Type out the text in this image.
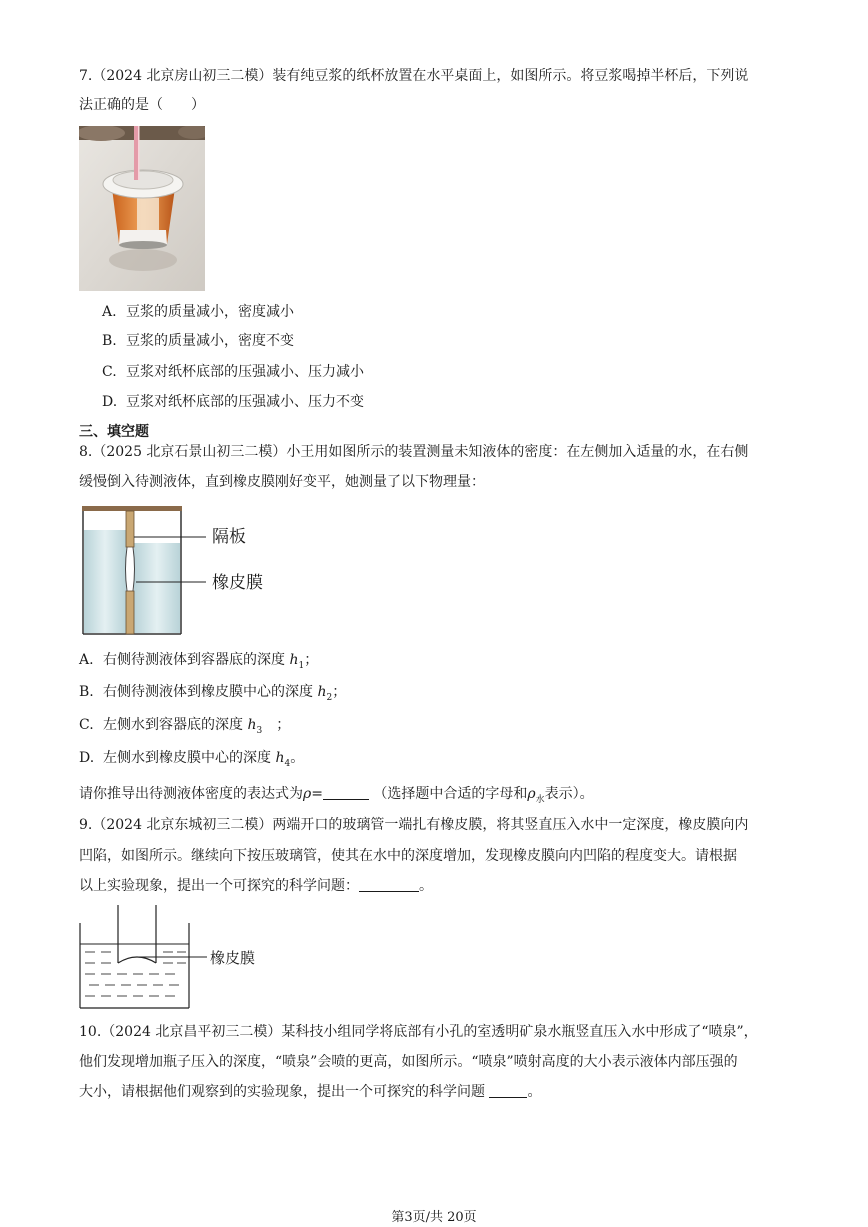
7.（2024 北京房山初三二模）装有纯豆浆的纸杯放置在水平桌面上，如图所示。将豆浆喝掉半杯后，下列说
法正确的是（　　）
A. 豆浆的质量减小，密度减小
B. 豆浆的质量减小，密度不变
C. 豆浆对纸杯底部的压强减小、压力减小
D. 豆浆对纸杯底部的压强减小、压力不变
三、填空题
8.（2025 北京石景山初三二模）小王用如图所示的装置测量未知液体的密度：在左侧加入适量的水，在右侧
缓慢倒入待测液体，直到橡皮膜刚好变平，她测量了以下物理量：
隔板
橡皮膜
A. 右侧待测液体到容器底的深度 $h_1$；
B. 右侧待测液体到橡皮膜中心的深度 $h_2$；
C. 左侧水到容器底的深度 $h_3$　；
D. 左侧水到橡皮膜中心的深度 $h_4$。
请你推导出待测液体密度的表达式为ρ=	（选择题中合适的字母和$\rho_水$表示）。
9.（2024 北京东城初三二模）两端开口的玻璃管一端扎有橡皮膜，将其竖直压入水中一定深度，橡皮膜向内
凹陷，如图所示。继续向下按压玻璃管，使其在水中的深度增加，发现橡皮膜向内凹陷的程度变大。请根据
以上实验现象，提出一个可探究的科学问题：	。
橡皮膜
10.（2024 北京昌平初三二模）某科技小组同学将底部有小孔的室透明矿泉水瓶竖直压入水中形成了“喷泉”，
他们发现增加瓶子压入的深度，“喷泉”会喷的更高，如图所示。“喷泉”喷射高度的大小表示液体内部压强的
大小，请根据他们观察到的实验现象，提出一个可探究的科学问题	。
第3页/共 20页
